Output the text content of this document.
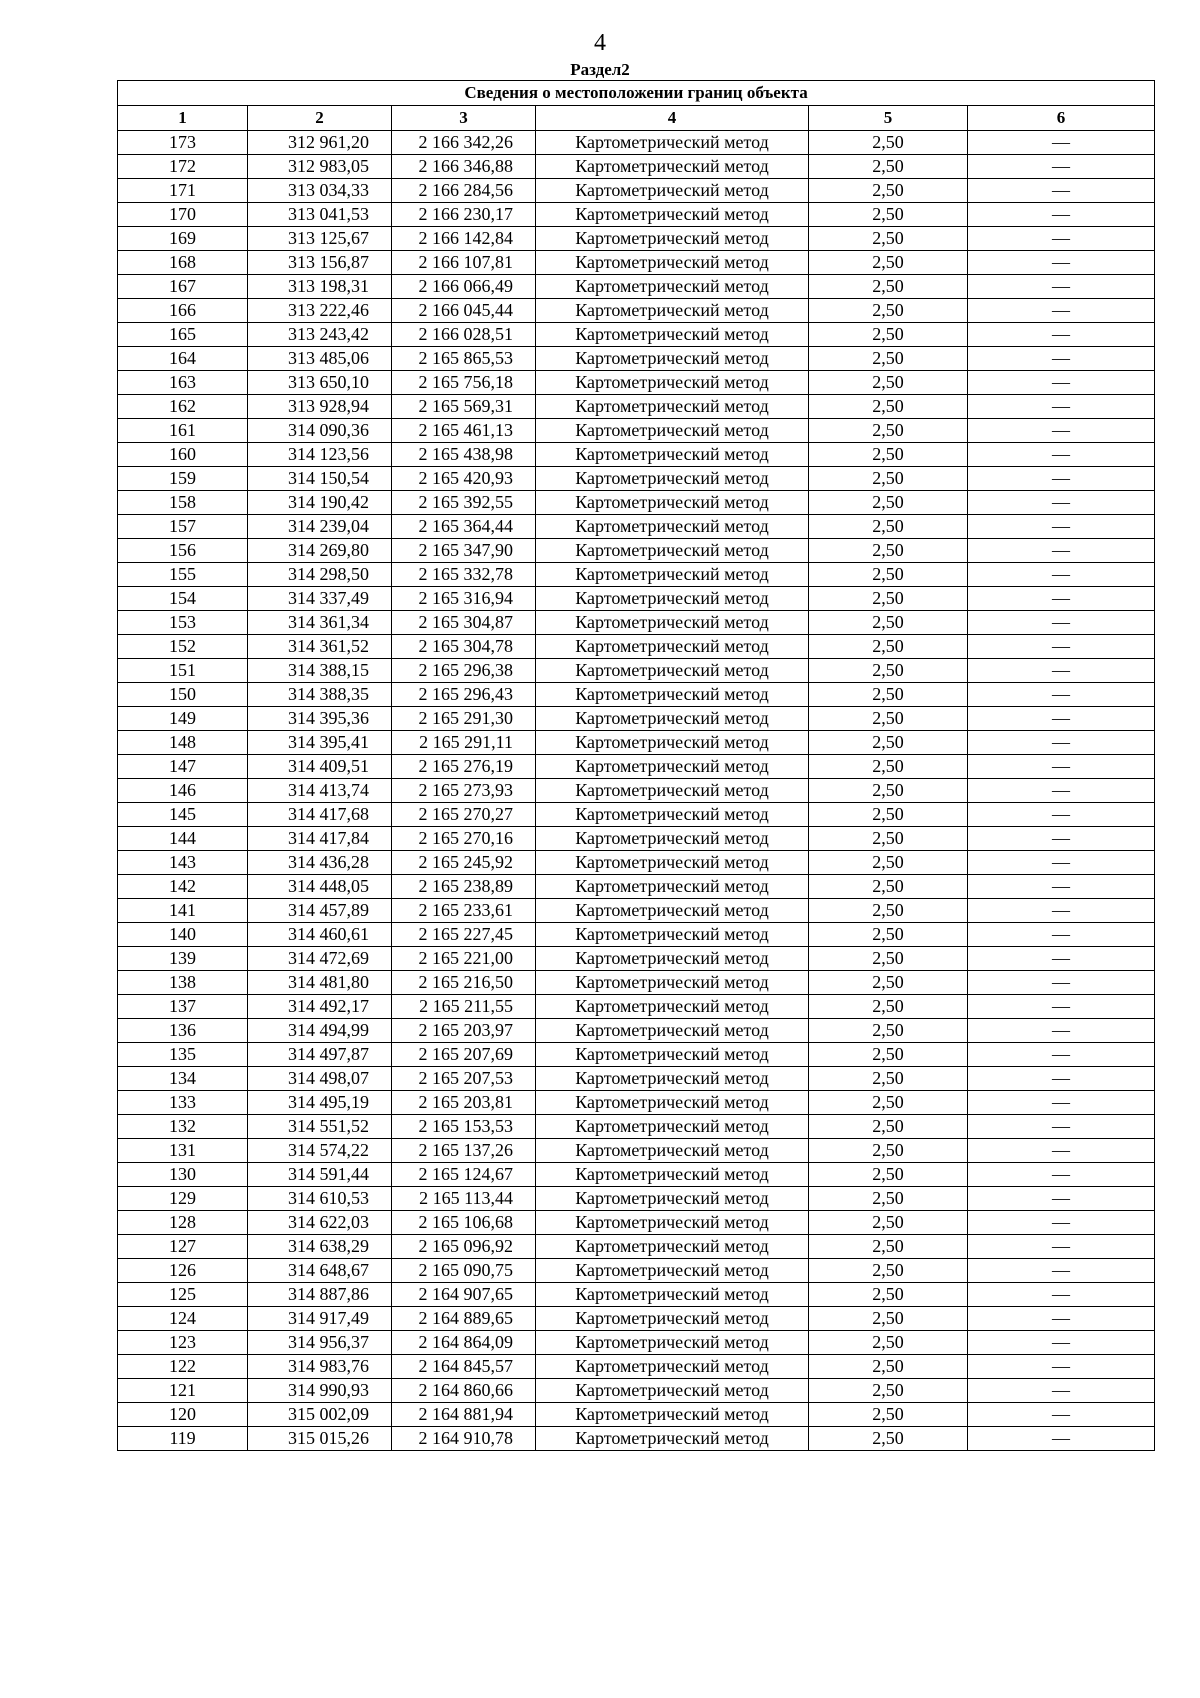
4
Раздел2
Сведения о местоположении границ объекта					
1	2	3	4	5	6
173	312 961,20	2 166 342,26	Картометрический метод	2,50	—
172	312 983,05	2 166 346,88	Картометрический метод	2,50	—
171	313 034,33	2 166 284,56	Картометрический метод	2,50	—
170	313 041,53	2 166 230,17	Картометрический метод	2,50	—
169	313 125,67	2 166 142,84	Картометрический метод	2,50	—
168	313 156,87	2 166 107,81	Картометрический метод	2,50	—
167	313 198,31	2 166 066,49	Картометрический метод	2,50	—
166	313 222,46	2 166 045,44	Картометрический метод	2,50	—
165	313 243,42	2 166 028,51	Картометрический метод	2,50	—
164	313 485,06	2 165 865,53	Картометрический метод	2,50	—
163	313 650,10	2 165 756,18	Картометрический метод	2,50	—
162	313 928,94	2 165 569,31	Картометрический метод	2,50	—
161	314 090,36	2 165 461,13	Картометрический метод	2,50	—
160	314 123,56	2 165 438,98	Картометрический метод	2,50	—
159	314 150,54	2 165 420,93	Картометрический метод	2,50	—
158	314 190,42	2 165 392,55	Картометрический метод	2,50	—
157	314 239,04	2 165 364,44	Картометрический метод	2,50	—
156	314 269,80	2 165 347,90	Картометрический метод	2,50	—
155	314 298,50	2 165 332,78	Картометрический метод	2,50	—
154	314 337,49	2 165 316,94	Картометрический метод	2,50	—
153	314 361,34	2 165 304,87	Картометрический метод	2,50	—
152	314 361,52	2 165 304,78	Картометрический метод	2,50	—
151	314 388,15	2 165 296,38	Картометрический метод	2,50	—
150	314 388,35	2 165 296,43	Картометрический метод	2,50	—
149	314 395,36	2 165 291,30	Картометрический метод	2,50	—
148	314 395,41	2 165 291,11	Картометрический метод	2,50	—
147	314 409,51	2 165 276,19	Картометрический метод	2,50	—
146	314 413,74	2 165 273,93	Картометрический метод	2,50	—
145	314 417,68	2 165 270,27	Картометрический метод	2,50	—
144	314 417,84	2 165 270,16	Картометрический метод	2,50	—
143	314 436,28	2 165 245,92	Картометрический метод	2,50	—
142	314 448,05	2 165 238,89	Картометрический метод	2,50	—
141	314 457,89	2 165 233,61	Картометрический метод	2,50	—
140	314 460,61	2 165 227,45	Картометрический метод	2,50	—
139	314 472,69	2 165 221,00	Картометрический метод	2,50	—
138	314 481,80	2 165 216,50	Картометрический метод	2,50	—
137	314 492,17	2 165 211,55	Картометрический метод	2,50	—
136	314 494,99	2 165 203,97	Картометрический метод	2,50	—
135	314 497,87	2 165 207,69	Картометрический метод	2,50	—
134	314 498,07	2 165 207,53	Картометрический метод	2,50	—
133	314 495,19	2 165 203,81	Картометрический метод	2,50	—
132	314 551,52	2 165 153,53	Картометрический метод	2,50	—
131	314 574,22	2 165 137,26	Картометрический метод	2,50	—
130	314 591,44	2 165 124,67	Картометрический метод	2,50	—
129	314 610,53	2 165 113,44	Картометрический метод	2,50	—
128	314 622,03	2 165 106,68	Картометрический метод	2,50	—
127	314 638,29	2 165 096,92	Картометрический метод	2,50	—
126	314 648,67	2 165 090,75	Картометрический метод	2,50	—
125	314 887,86	2 164 907,65	Картометрический метод	2,50	—
124	314 917,49	2 164 889,65	Картометрический метод	2,50	—
123	314 956,37	2 164 864,09	Картометрический метод	2,50	—
122	314 983,76	2 164 845,57	Картометрический метод	2,50	—
121	314 990,93	2 164 860,66	Картометрический метод	2,50	—
120	315 002,09	2 164 881,94	Картометрический метод	2,50	—
119	315 015,26	2 164 910,78	Картометрический метод	2,50	—
